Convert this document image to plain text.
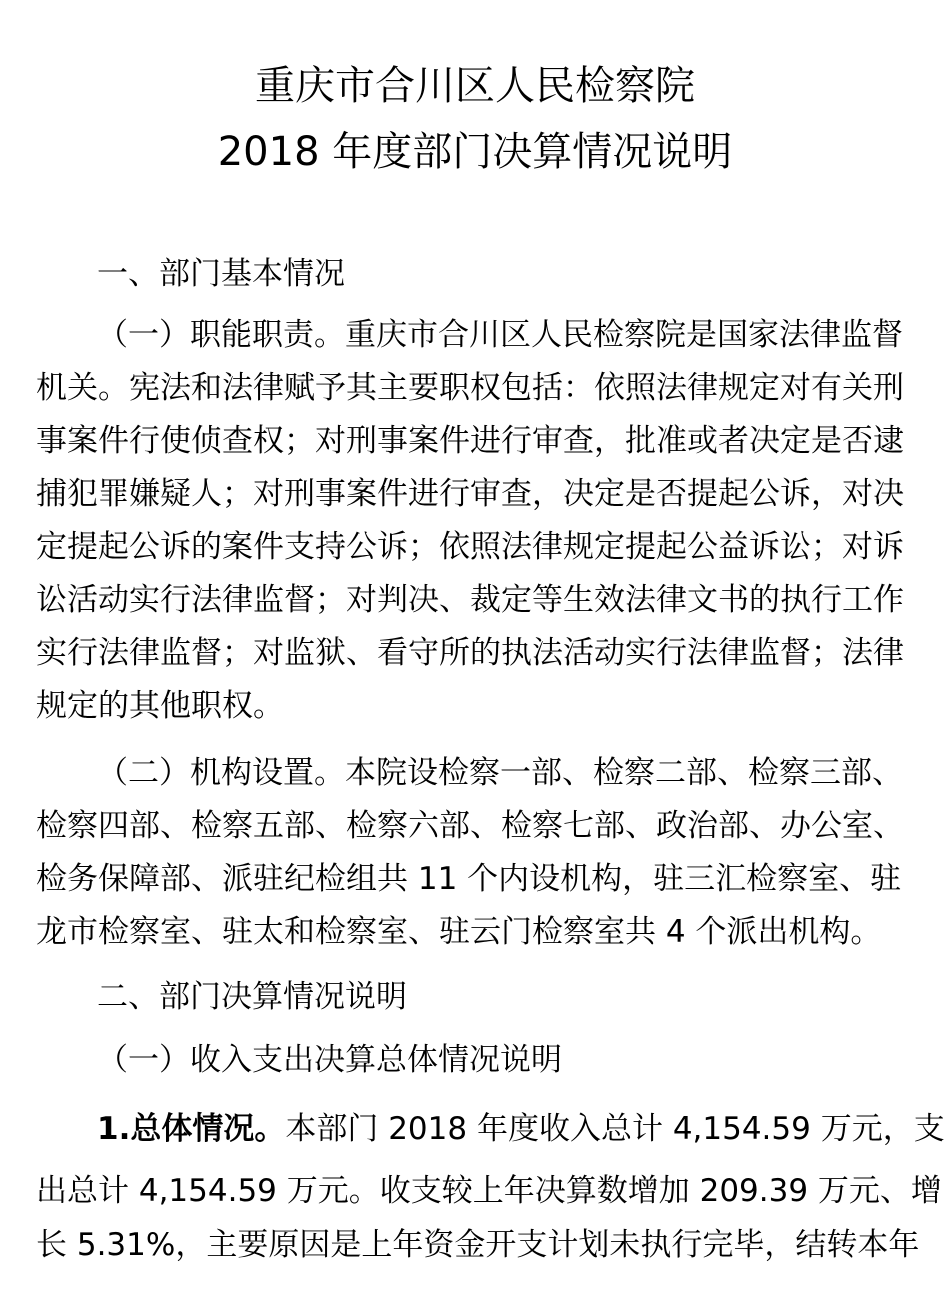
重庆市合川区人民检察院
2018 年度部门决算情况说明
一、部门基本情况
（一）职能职责。重庆市合川区人民检察院是国家法律监督
机关。宪法和法律赋予其主要职权包括：依照法律规定对有关刑
事案件行使侦查权；对刑事案件进行审查，批准或者决定是否逮
捕犯罪嫌疑人；对刑事案件进行审查，决定是否提起公诉，对决
定提起公诉的案件支持公诉；依照法律规定提起公益诉讼；对诉
讼活动实行法律监督；对判决、裁定等生效法律文书的执行工作
实行法律监督；对监狱、看守所的执法活动实行法律监督；法律
规定的其他职权。
（二）机构设置。本院设检察一部、检察二部、检察三部、
检察四部、检察五部、检察六部、检察七部、政治部、办公室、
检务保障部、派驻纪检组共 11 个内设机构，驻三汇检察室、驻
龙市检察室、驻太和检察室、驻云门检察室共 4 个派出机构。
二、部门决算情况说明
（一）收入支出决算总体情况说明
1.总体情况。本部门 2018 年度收入总计 4,154.59 万元，支
出总计 4,154.59 万元。收支较上年决算数增加 209.39 万元、增
长 5.31%，主要原因是上年资金开支计划未执行完毕，结转本年
